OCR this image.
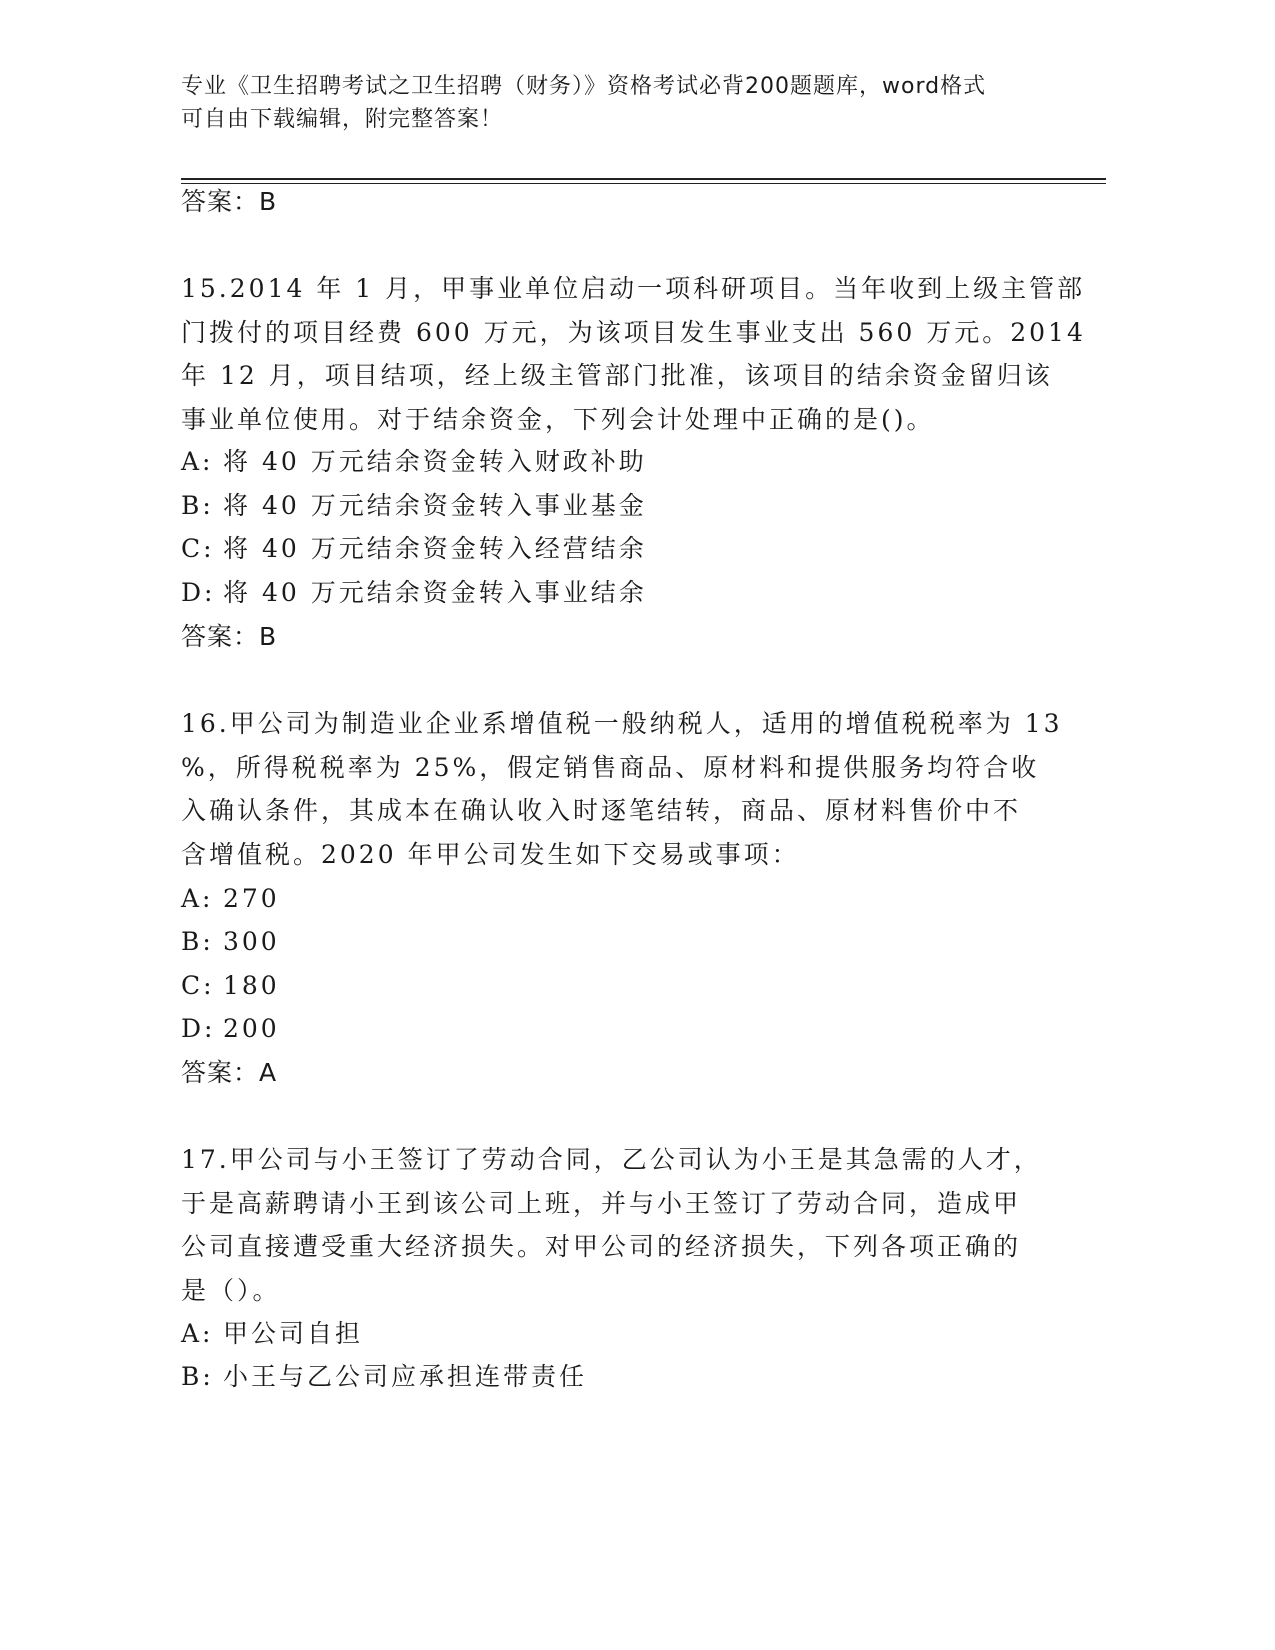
专业《卫生招聘考试之卫生招聘（财务）》资格考试必背200题题库，word格式
可自由下载编辑，附完整答案！
答案：B
15.2014 年 1 月，甲事业单位启动一项科研项目。当年收到上级主管部
门拨付的项目经费 600 万元，为该项目发生事业支出 560 万元。2014
年 12 月，项目结项，经上级主管部门批准，该项目的结余资金留归该
事业单位使用。对于结余资金，下列会计处理中正确的是()。
A: 将 40 万元结余资金转入财政补助
B: 将 40 万元结余资金转入事业基金
C: 将 40 万元结余资金转入经营结余
D: 将 40 万元结余资金转入事业结余
答案：B
16.甲公司为制造业企业系增值税一般纳税人，适用的增值税税率为 13
%，所得税税率为 25%，假定销售商品、原材料和提供服务均符合收
入确认条件，其成本在确认收入时逐笔结转，商品、原材料售价中不
含增值税。2020 年甲公司发生如下交易或事项：
A: 270
B: 300
C: 180
D: 200
答案：A
17.甲公司与小王签订了劳动合同，乙公司认为小王是其急需的人才，
于是高薪聘请小王到该公司上班，并与小王签订了劳动合同，造成甲
公司直接遭受重大经济损失。对甲公司的经济损失，下列各项正确的
是（）。
A: 甲公司自担
B: 小王与乙公司应承担连带责任
